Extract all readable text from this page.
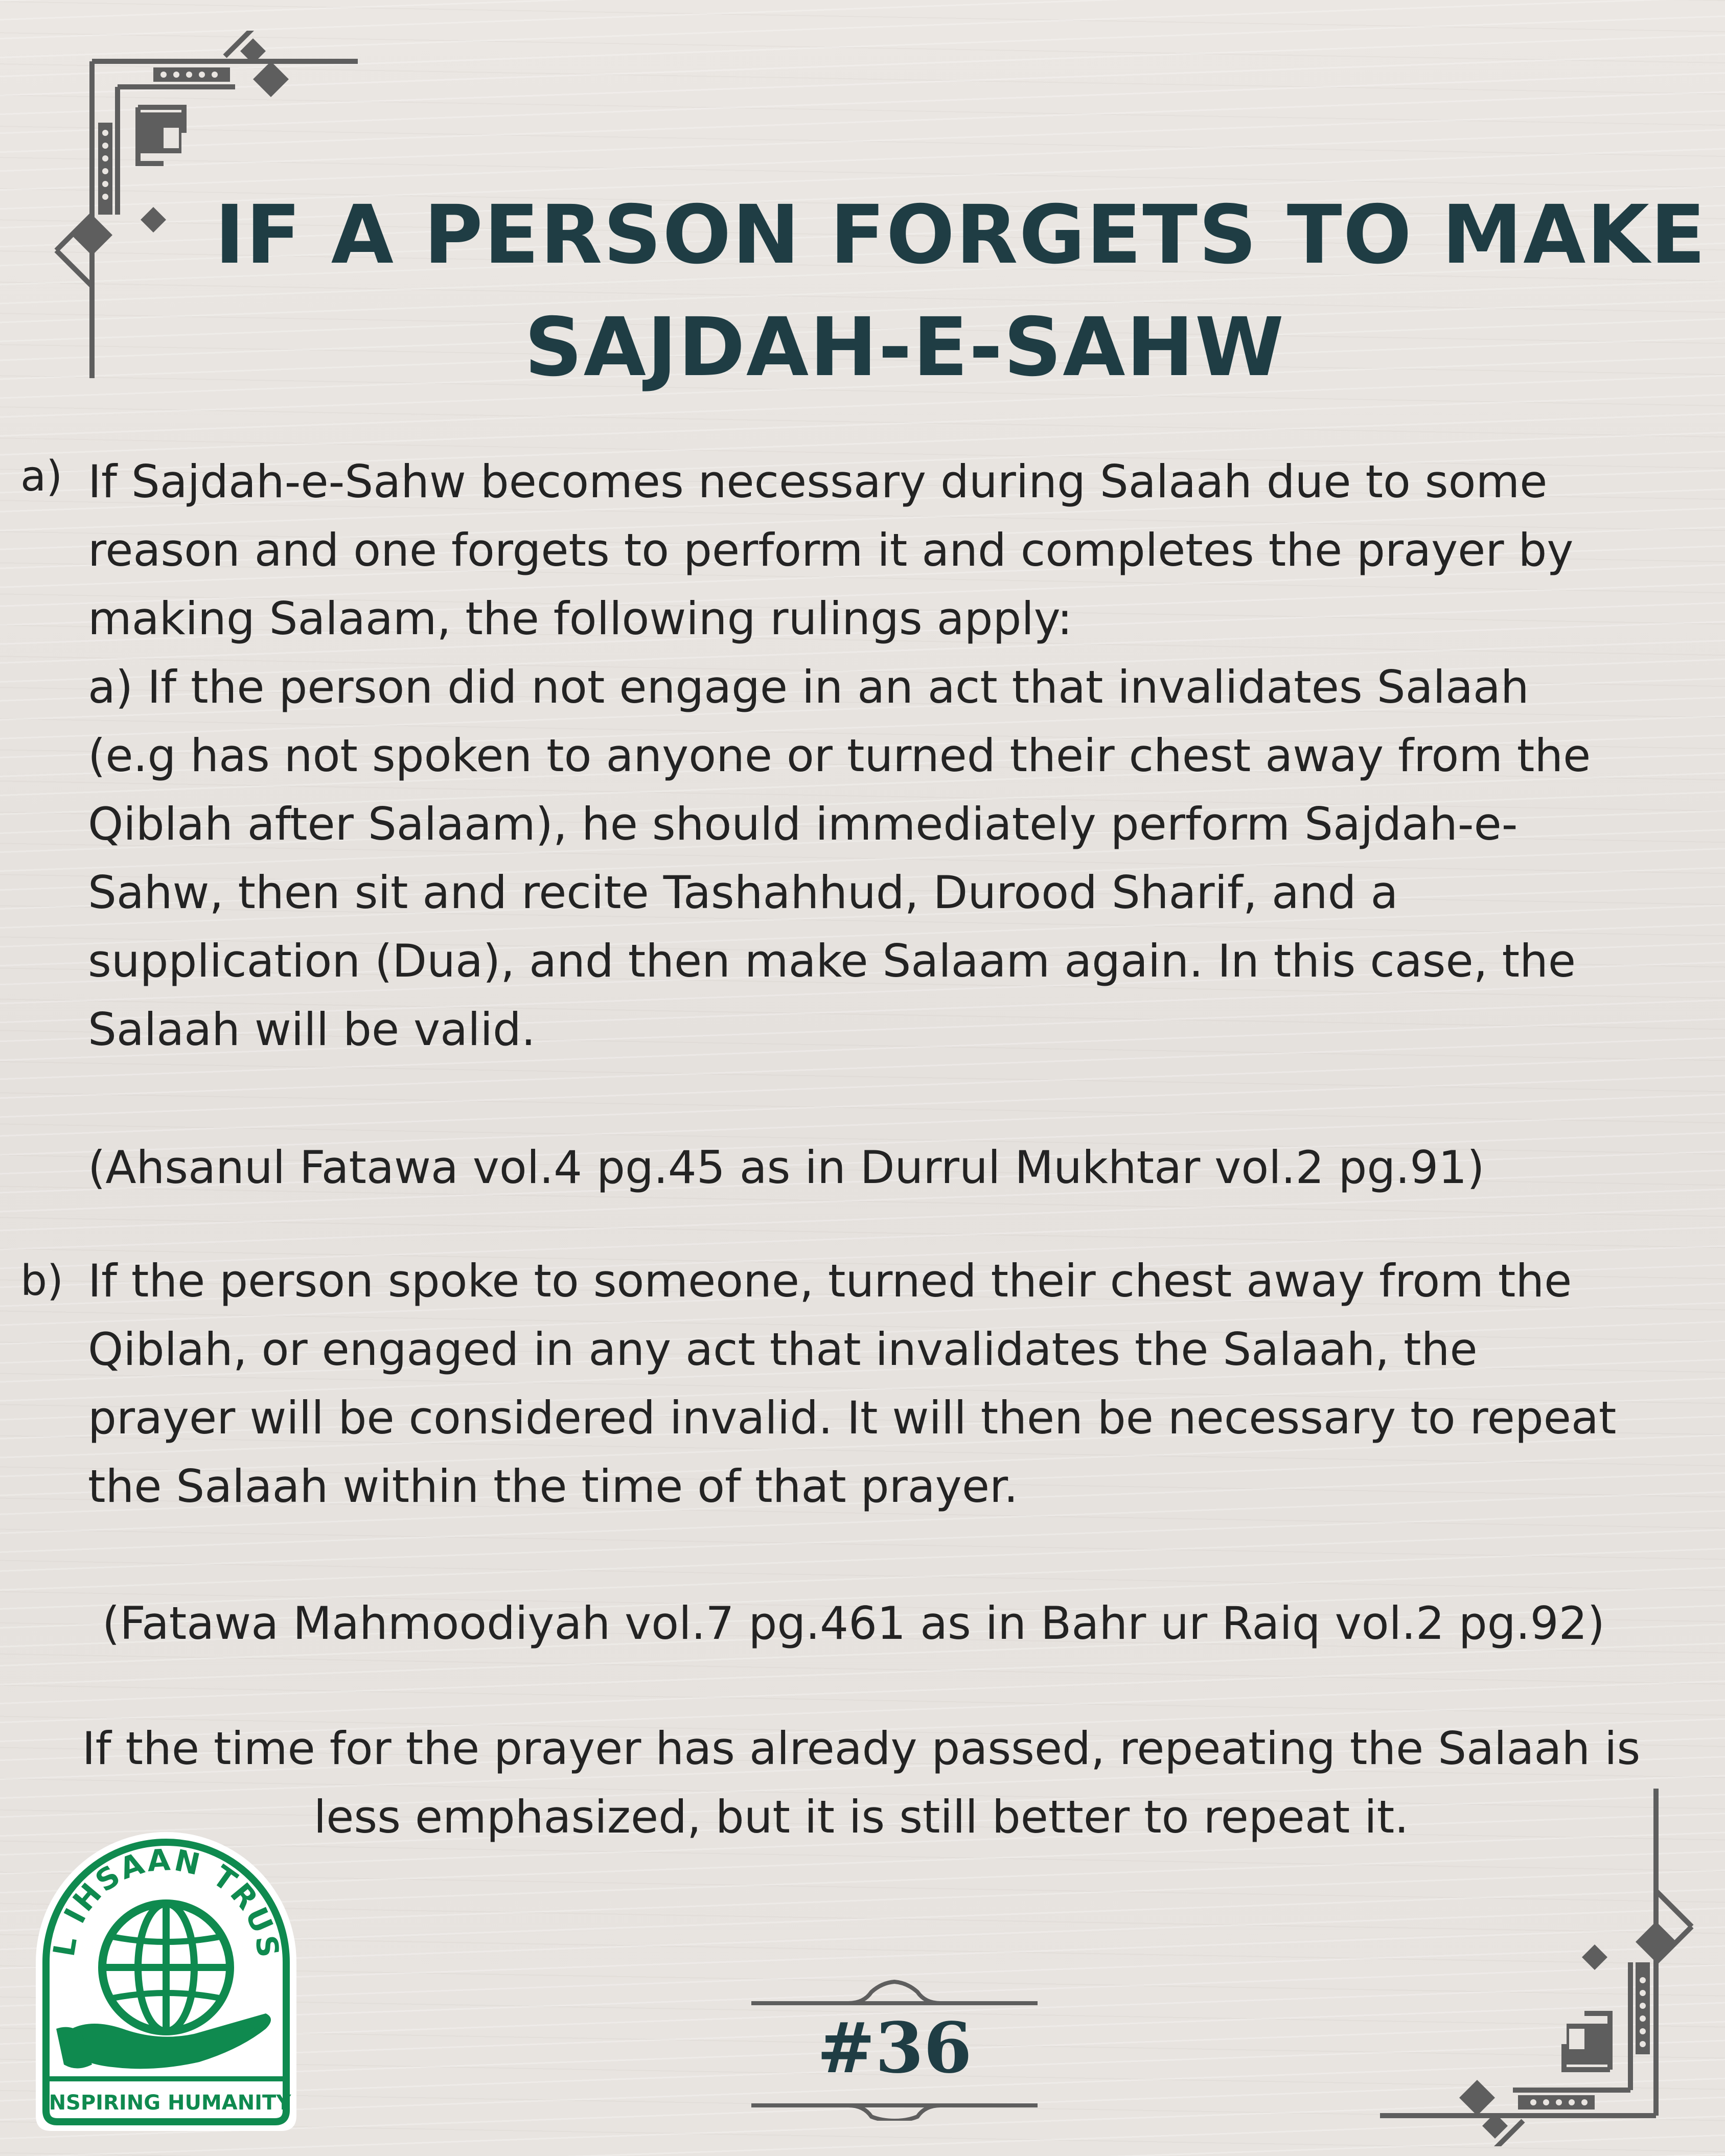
IF A PERSON FORGETS TO MAKE
SAJDAH-E-SAHW
a) If Sajdah-e-Sahw becomes necessary during Salaah due to some
reason and one forgets to perform it and completes the prayer by
making Salaam, the following rulings apply:
a) If the person did not engage in an act that invalidates Salaah
(e.g has not spoken to anyone or turned their chest away from the
Qiblah after Salaam), he should immediately perform Sajdah-e-
Sahw, then sit and recite Tashahhud, Durood Sharif, and a
supplication (Dua), and then make Salaam again. In this case, the
Salaah will be valid.
(Ahsanul Fatawa vol.4 pg.45 as in Durrul Mukhtar vol.2 pg.91)
b) If the person spoke to someone, turned their chest away from the
Qiblah, or engaged in any act that invalidates the Salaah, the
prayer will be considered invalid. It will then be necessary to repeat
the Salaah within the time of that prayer.
(Fatawa Mahmoodiyah vol.7 pg.461 as in Bahr ur Raiq vol.2 pg.92)
If the time for the prayer has already passed, repeating the Salaah is
less emphasized, but it is still better to repeat it.
L IHSAAN TRUS
INSPIRING HUMANITY
#36
